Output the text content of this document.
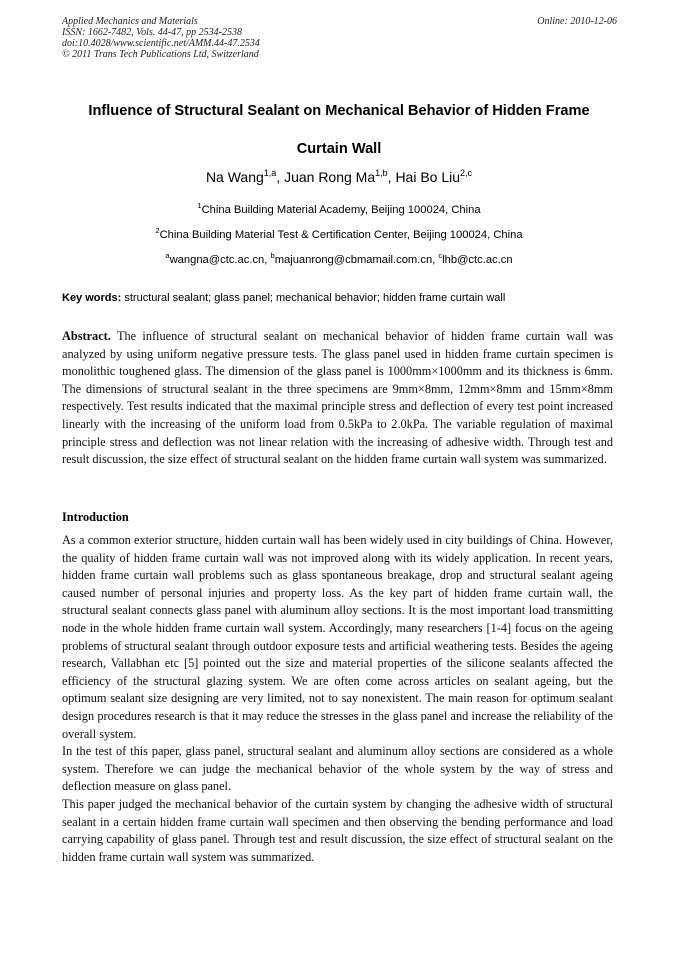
Applied Mechanics and Materials
ISSN: 1662-7482, Vols. 44-47, pp 2534-2538
doi:10.4028/www.scientific.net/AMM.44-47.2534
© 2011 Trans Tech Publications Ltd, Switzerland
Online: 2010-12-06
Influence of Structural Sealant on Mechanical Behavior of Hidden Frame
Curtain Wall
Na Wang$^{1,a}$, Juan Rong Ma$^{1,b}$, Hai Bo Liu$^{2,c}$
$^1$China Building Material Academy, Beijing 100024, China
$^2$China Building Material Test & Certification Center, Beijing 100024, China
$^a$wangna@ctc.ac.cn, $^b$majuanrong@cbmamail.com.cn, $^c$lhb@ctc.ac.cn
Key words: structural sealant; glass panel; mechanical behavior; hidden frame curtain wall
Abstract. The influence of structural sealant on mechanical behavior of hidden frame curtain wall was analyzed by using uniform negative pressure tests. The glass panel used in hidden frame curtain specimen is monolithic toughened glass. The dimension of the glass panel is 1000mm×1000mm and its thickness is 6mm. The dimensions of structural sealant in the three specimens are 9mm×8mm, 12mm×8mm and 15mm×8mm respectively. Test results indicated that the maximal principle stress and deflection of every test point increased linearly with the increasing of the uniform load from 0.5kPa to 2.0kPa. The variable regulation of maximal principle stress and deflection was not linear relation with the increasing of adhesive width. Through test and result discussion, the size effect of structural sealant on the hidden frame curtain wall system was summarized.
Introduction

As a common exterior structure, hidden curtain wall has been widely used in city buildings of China. However, the quality of hidden frame curtain wall was not improved along with its widely application. In recent years, hidden frame curtain wall problems such as glass spontaneous breakage, drop and structural sealant ageing caused number of personal injuries and property loss. As the key part of hidden frame curtain wall, the structural sealant connects glass panel with aluminum alloy sections. It is the most important load transmitting node in the whole hidden frame curtain wall system. Accordingly, many researchers [1-4] focus on the ageing problems of structural sealant through outdoor exposure tests and artificial weathering tests. Besides the ageing research, Vallabhan etc [5] pointed out the size and material properties of the silicone sealants affected the efficiency of the structural glazing system. We are often come across articles on sealant ageing, but the optimum sealant size designing are very limited, not to say nonexistent. The main reason for optimum sealant design procedures research is that it may reduce the stresses in the glass panel and increase the reliability of the overall system.

In the test of this paper, glass panel, structural sealant and aluminum alloy sections are considered as a whole system. Therefore we can judge the mechanical behavior of the whole system by the way of stress and deflection measure on glass panel.

This paper judged the mechanical behavior of the curtain system by changing the adhesive width of structural sealant in a certain hidden frame curtain wall specimen and then observing the bending performance and load carrying capability of glass panel. Through test and result discussion, the size effect of structural sealant on the hidden frame curtain wall system was summarized.
